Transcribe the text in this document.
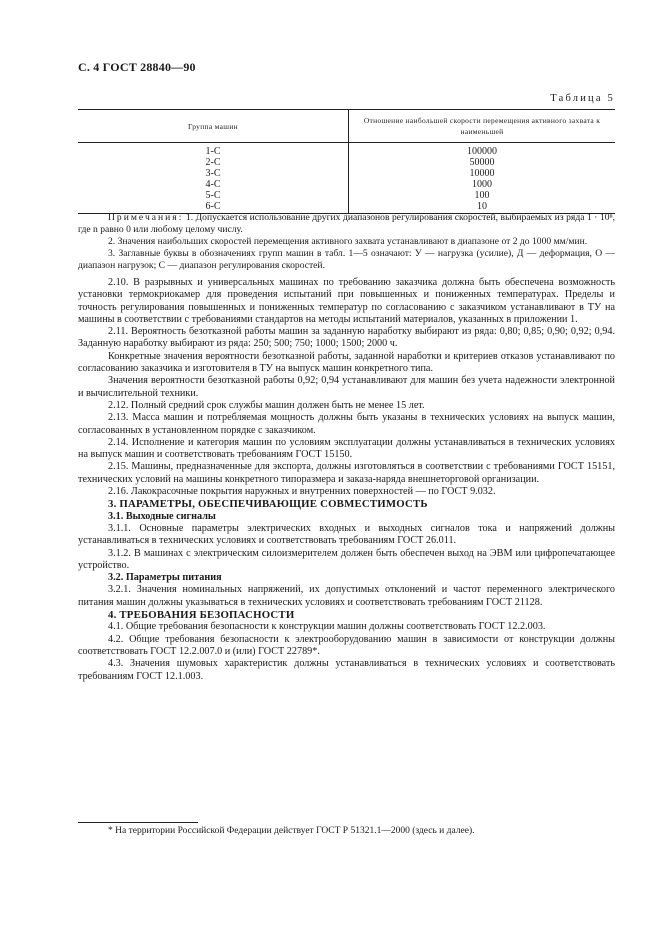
С. 4 ГОСТ 28840—90
Таблица 5
Группа машин	Отношение наибольшей скорости перемещения активного захвата к наименьшей
1-С	100000
2-С	50000
3-С	10000
4-С	1000
5-С	100
6-С	10

Примечания: 1. Допускается использование других диапазонов регулирования скоростей, выбираемых из ряда 1 · 10ⁿ, где n равно 0 или любому целому числу.

2. Значения наибольших скоростей перемещения активного захвата устанавливают в диапазоне от 2 до 1000 мм/мин.

3. Заглавные буквы в обозначениях групп машин в табл. 1—5 означают: У — нагрузка (усилие), Д — деформация, О — диапазон нагрузок; С — диапазон регулирования скоростей.

2.10. В разрывных и универсальных машинах по требованию заказчика должна быть обеспечена возможность установки термокриокамер для проведения испытаний при повышенных и пониженных температурах. Пределы и точность регулирования повышенных и пониженных температур по согласованию с заказчиком устанавливают в ТУ на машины в соответствии с требованиями стандартов на методы испытаний материалов, указанных в приложении 1.

2.11. Вероятность безотказной работы машин за заданную наработку выбирают из ряда: 0,80; 0,85; 0,90; 0,92; 0,94. Заданную наработку выбирают из ряда: 250; 500; 750; 1000; 1500; 2000 ч.

Конкретные значения вероятности безотказной работы, заданной наработки и критериев отказов устанавливают по согласованию заказчика и изготовителя в ТУ на выпуск машин конкретного типа.

Значения вероятности безотказной работы 0,92; 0,94 устанавливают для машин без учета надежности электронной и вычислительной техники.

2.12. Полный средний срок службы машин должен быть не менее 15 лет.

2.13. Масса машин и потребляемая мощность должны быть указаны в технических условиях на выпуск машин, согласованных в установленном порядке с заказчиком.

2.14. Исполнение и категория машин по условиям эксплуатации должны устанавливаться в технических условиях на выпуск машин и соответствовать требованиям ГОСТ 15150.

2.15. Машины, предназначенные для экспорта, должны изготовляться в соответствии с требованиями ГОСТ 15151, технических условий на машины конкретного типоразмера и заказа-наряда внешнеторговой организации.

2.16. Лакокрасочные покрытия наружных и внутренних поверхностей — по ГОСТ 9.032.

3. ПАРАМЕТРЫ, ОБЕСПЕЧИВАЮЩИЕ СОВМЕСТИМОСТЬ

3.1. Выходные сигналы

3.1.1. Основные параметры электрических входных и выходных сигналов тока и напряжений должны устанавливаться в технических условиях и соответствовать требованиям ГОСТ 26.011.

3.1.2. В машинах с электрическим силоизмерителем должен быть обеспечен выход на ЭВМ или цифропечатающее устройство.

3.2. Параметры питания

3.2.1. Значения номинальных напряжений, их допустимых отклонений и частот переменного электрического питания машин должны указываться в технических условиях и соответствовать требованиям ГОСТ 21128.

4. ТРЕБОВАНИЯ БЕЗОПАСНОСТИ

4.1. Общие требования безопасности к конструкции машин должны соответствовать ГОСТ 12.2.003.

4.2. Общие требования безопасности к электрооборудованию машин в зависимости от конструкции должны соответствовать ГОСТ 12.2.007.0 и (или) ГОСТ 22789*.

4.3. Значения шумовых характеристик должны устанавливаться в технических условиях и соответствовать требованиям ГОСТ 12.1.003.

* На территории Российской Федерации действует ГОСТ Р 51321.1—2000 (здесь и далее).
